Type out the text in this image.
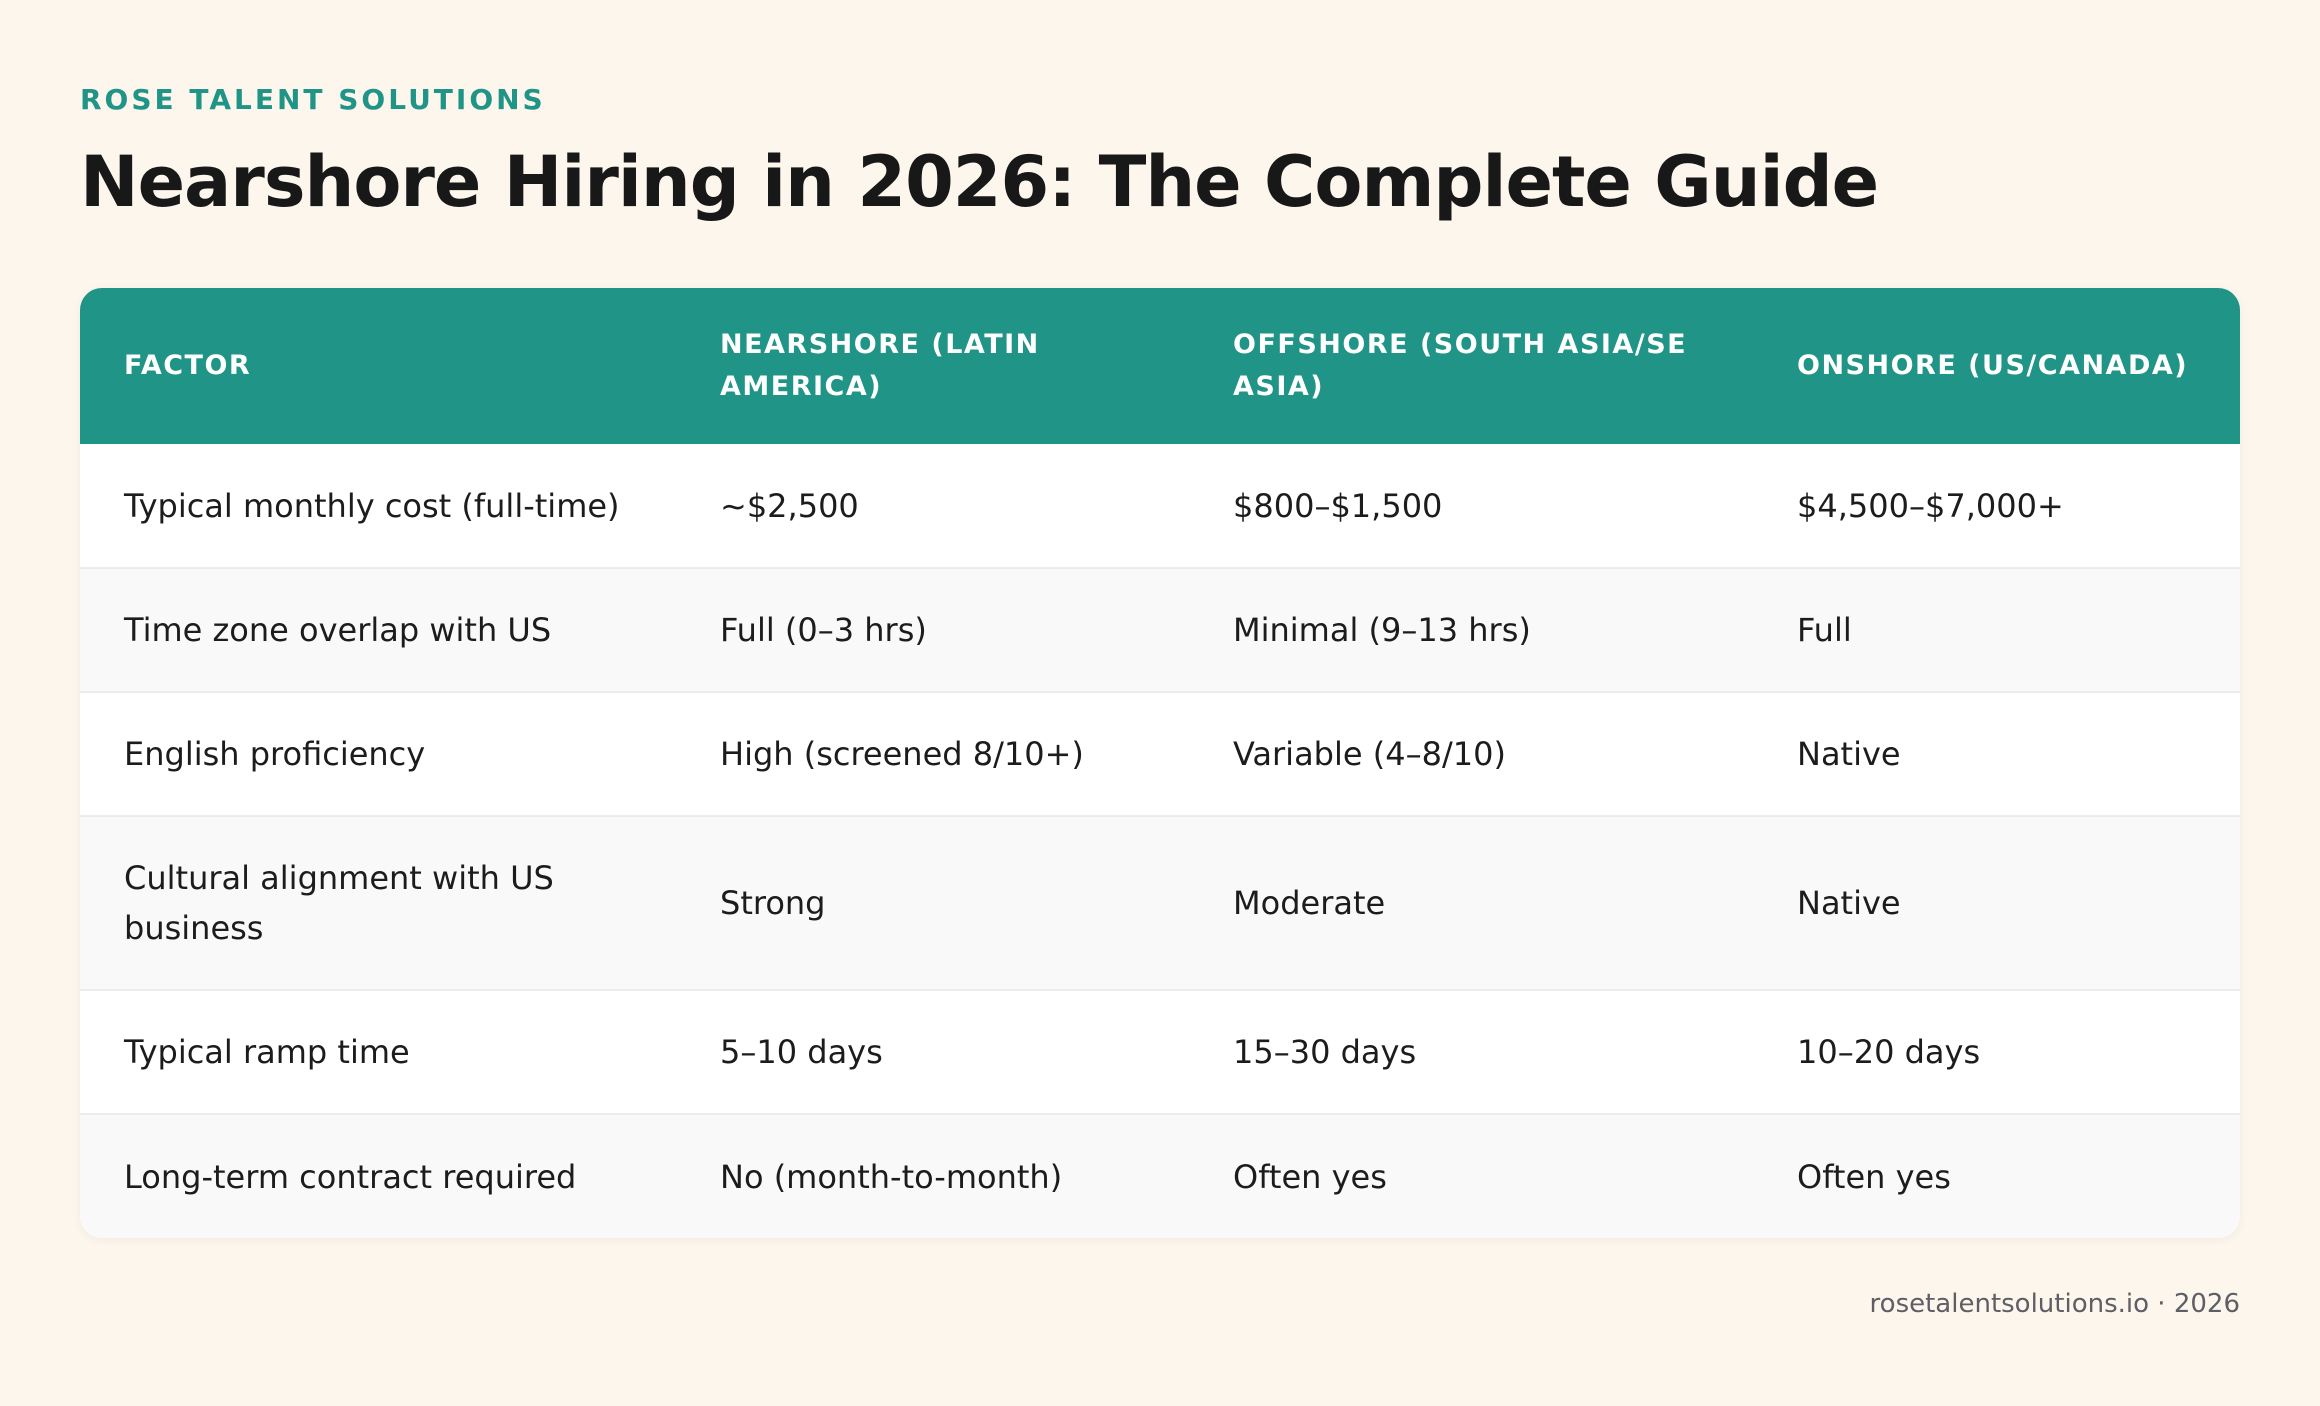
ROSE TALENT SOLUTIONS
Nearshore Hiring in 2026: The Complete Guide
FACTOR	NEARSHORE (LATIN AMERICA)	OFFSHORE (SOUTH ASIA/SE ASIA)	ONSHORE (US/CANADA)
Typical monthly cost (full-time)	~$2,500	$800–$1,500	$4,500–$7,000+
Time zone overlap with US	Full (0–3 hrs)	Minimal (9–13 hrs)	Full
English proficiency	High (screened 8/10+)	Variable (4–8/10)	Native
Cultural alignment with US business	Strong	Moderate	Native
Typical ramp time	5–10 days	15–30 days	10–20 days
Long-term contract required	No (month-to-month)	Often yes	Often yes
rosetalentsolutions.io · 2026
